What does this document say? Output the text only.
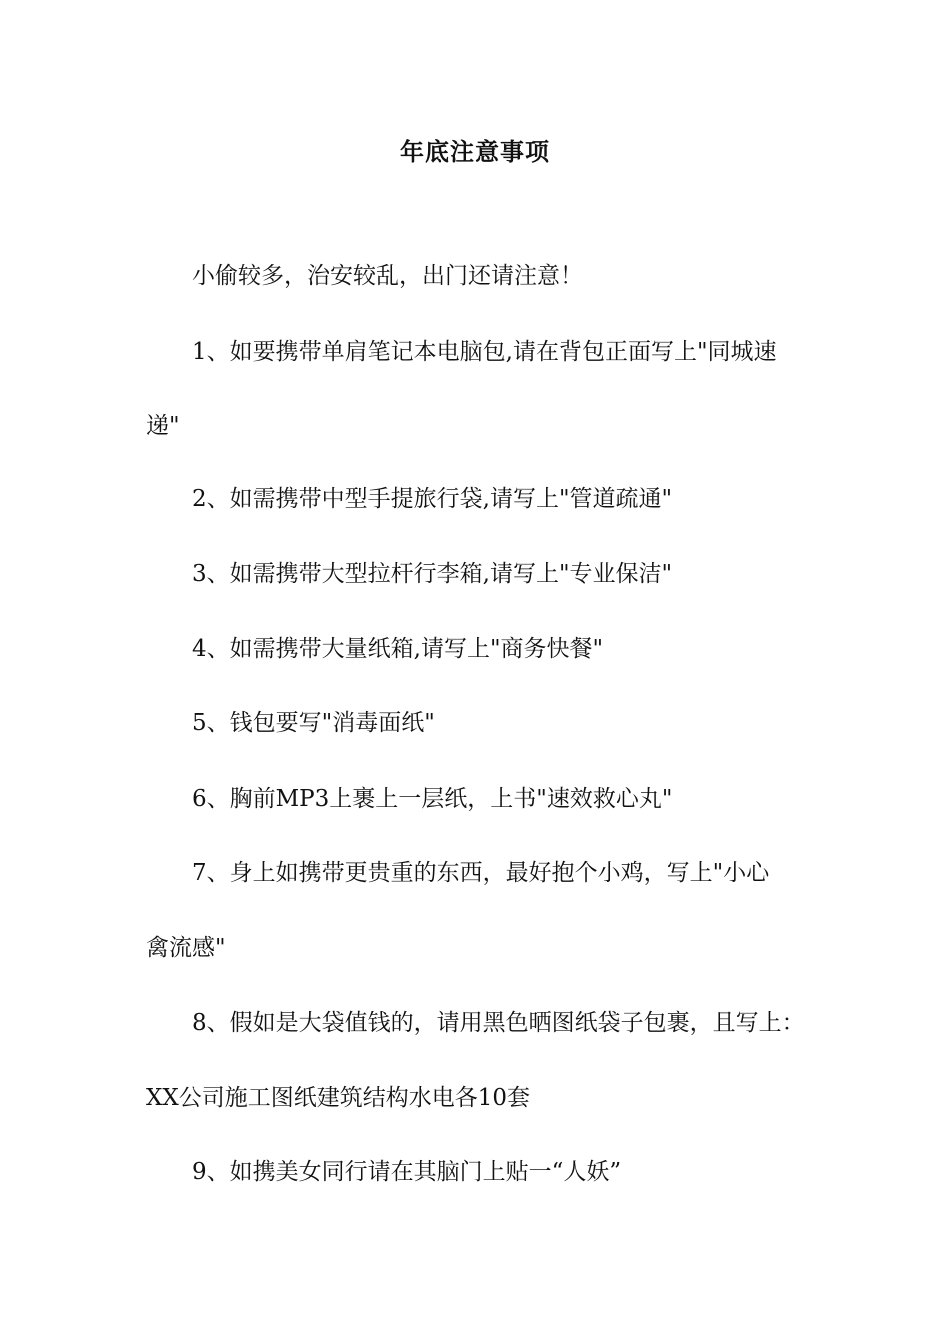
年底注意事项
小偷较多，治安较乱，出门还请注意！
1、如要携带单肩笔记本电脑包,请在背包正面写上"同城速
递"
2、如需携带中型手提旅行袋,请写上"管道疏通"
3、如需携带大型拉杆行李箱,请写上"专业保洁"
4、如需携带大量纸箱,请写上"商务快餐"
5、钱包要写"消毒面纸"
6、胸前MP3上裹上一层纸，上书"速效救心丸"
7、身上如携带更贵重的东西，最好抱个小鸡，写上"小心
禽流感"
8、假如是大袋值钱的，请用黑色晒图纸袋子包裹，且写上：
XX公司施工图纸建筑结构水电各10套
9、如携美女同行请在其脑门上贴一“人妖”
